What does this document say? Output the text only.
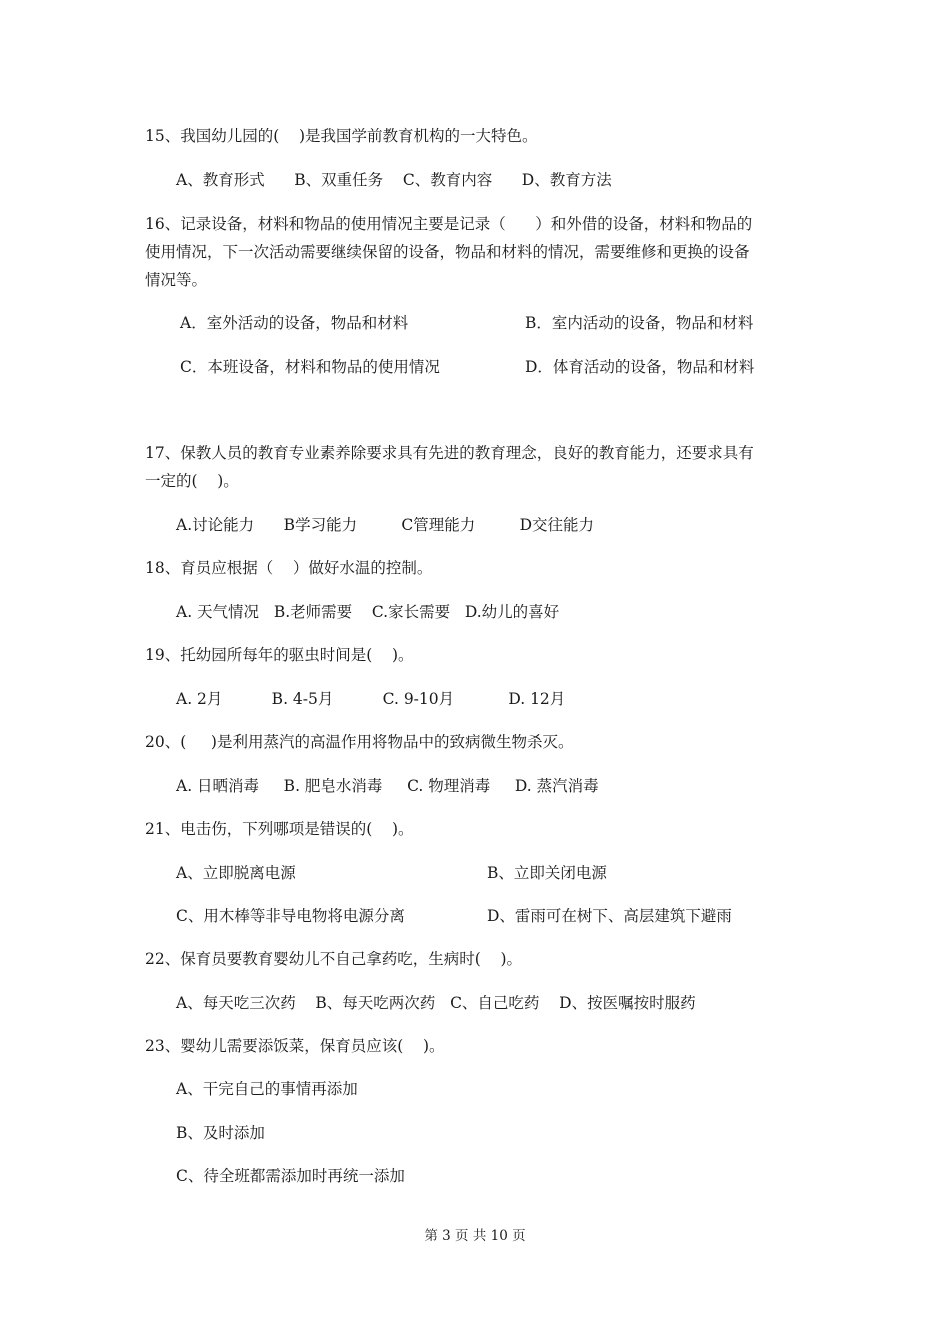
15、我国幼儿园的(    )是我国学前教育机构的一大特色。
A、教育形式      B、双重任务    C、教育内容      D、教育方法
16、记录设备，材料和物品的使用情况主要是记录（      ）和外借的设备，材料和物品的
使用情况，下一次活动需要继续保留的设备，物品和材料的情况，需要维修和更换的设备
情况等。
A．室外活动的设备，物品和材料	B．室内活动的设备，物品和材料
C．本班设备，材料和物品的使用情况	D．体育活动的设备，物品和材料
17、保教人员的教育专业素养除要求具有先进的教育理念，良好的教育能力，还要求具有
一定的(    )。
A.讨论能力      B学习能力         C管理能力         D交往能力
18、育员应根据（    ）做好水温的控制。
A. 天气情况   B.老师需要    C.家长需要   D.幼儿的喜好
19、托幼园所每年的驱虫时间是(    )。
A. 2月          B. 4-5月          C. 9-10月           D. 12月
20、(     )是利用蒸汽的高温作用将物品中的致病微生物杀灭。
A. 日晒消毒     B. 肥皂水消毒     C. 物理消毒     D. 蒸汽消毒
21、电击伤，下列哪项是错误的(    )。
A、立即脱离电源	B、立即关闭电源
C、用木棒等非导电物将电源分离	D、雷雨可在树下、高层建筑下避雨
22、保育员要教育婴幼儿不自己拿药吃，生病时(    )。
A、每天吃三次药    B、每天吃两次药   C、自己吃药    D、按医嘱按时服药
23、婴幼儿需要添饭菜，保育员应该(    )。
A、干完自己的事情再添加
B、及时添加
C、待全班都需添加时再统一添加
第 3 页 共 10 页
